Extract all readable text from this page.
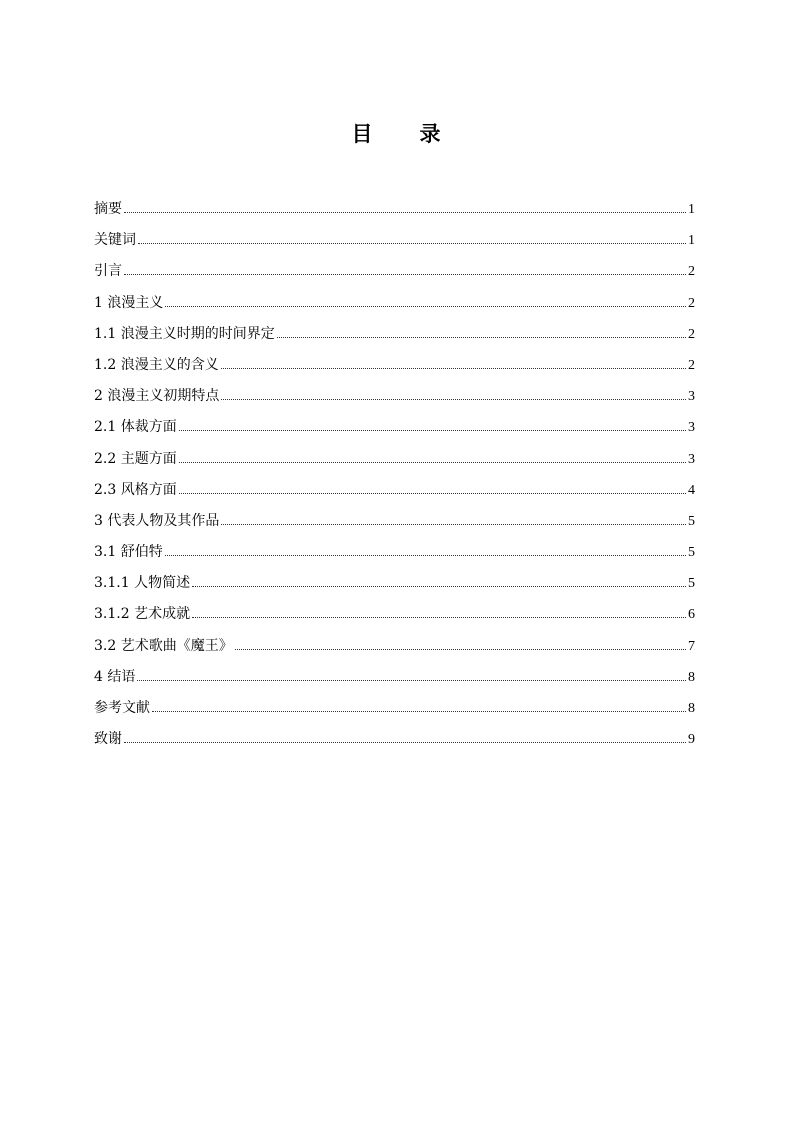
目 录
摘要	1
关键词	1
引言	2
1 浪漫主义	2
1.1 浪漫主义时期的时间界定	2
1.2 浪漫主义的含义	2
2 浪漫主义初期特点	3
2.1 体裁方面	3
2.2 主题方面	3
2.3 风格方面	4
3 代表人物及其作品	5
3.1 舒伯特	5
3.1.1 人物简述	5
3.1.2 艺术成就	6
3.2 艺术歌曲《魔王》	7
4 结语	8
参考文献	8
致谢	9
